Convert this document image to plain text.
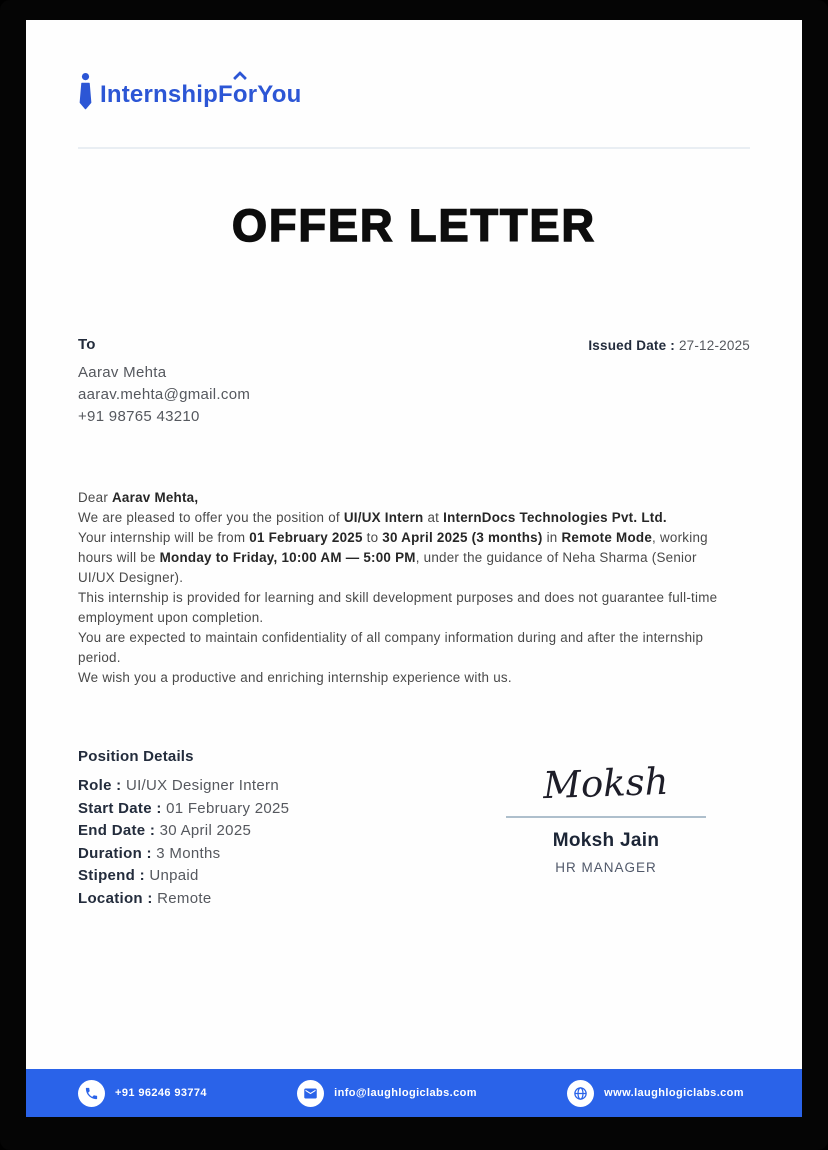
InternshipF o rYou
OFFER LETTER
To
Aarav Mehta
aarav.mehta@gmail.com
+91 98765 43210
Issued Date : 27-12-2025
Dear Aarav Mehta,
We are pleased to offer you the position of UI/UX Intern at InternDocs Technologies Pvt. Ltd.
Your internship will be from 01 February 2025 to 30 April 2025 (3 months) in Remote Mode, working
hours will be Monday to Friday, 10:00 AM — 5:00 PM, under the guidance of Neha Sharma (Senior
UI/UX Designer).
This internship is provided for learning and skill development purposes and does not guarantee full-time
employment upon completion.
You are expected to maintain confidentiality of all company information during and after the internship
period.
We wish you a productive and enriching internship experience with us.
Position Details
Role : UI/UX Designer Intern
Start Date : 01 February 2025
End Date : 30 April 2025
Duration : 3 Months
Stipend : Unpaid
Location : Remote
Moksh
Moksh Jain
HR MANAGER
+91 96246 93774	info@laughlogiclabs.com	www.laughlogiclabs.com
